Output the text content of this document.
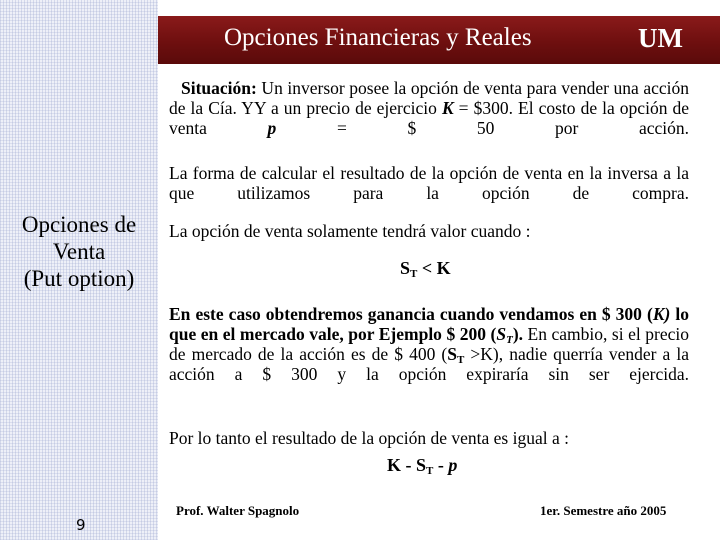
Opciones Financieras y Reales	UM
Opciones de
Venta
(Put option)
9
Situación: Un inversor posee la opción de venta para vender una acción de la Cía. YY a un precio de ejercicio K = $300. El costo de la opción de venta p = $ 50 por acción.
La forma de calcular el resultado de la opción de venta en la inversa a la que utilizamos para la opción de compra.
La opción de venta solamente tendrá valor cuando :
$S_T < K$
En este caso obtendremos ganancia cuando vendamos en $ 300 (K) lo que en el mercado vale, por Ejemplo $ 200 $(S_T)$. En cambio, si el precio de mercado de la acción es de $ 400 $(S_T >K)$, nadie querría vender a la acción a $ 300 y la opción expiraría sin ser ejercida.
Por lo tanto el resultado de la opción de venta es igual a :
K - $S_T$ - p
Prof. Walter Spagnolo	1er. Semestre año 2005
